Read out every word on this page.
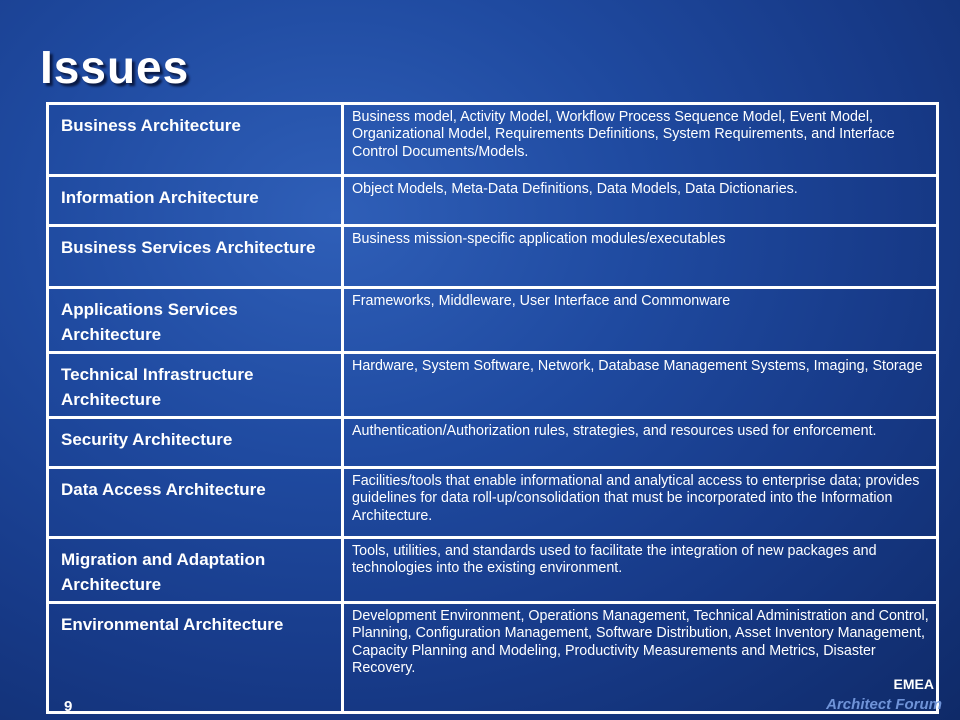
Issues
Business Architecture	Business model, Activity Model, Workflow Process Sequence Model, Event Model, Organizational Model, Requirements Definitions, System Requirements, and Interface Control Documents/Models.
Information Architecture	Object Models, Meta-Data Definitions, Data Models, Data Dictionaries.
Business Services Architecture	Business mission-specific application modules/executables
Applications Services Architecture	Frameworks, Middleware, User Interface and Commonware
Technical Infrastructure Architecture	Hardware, System Software, Network, Database Management Systems, Imaging, Storage
Security Architecture	Authentication/Authorization rules, strategies, and resources used for enforcement.
Data Access Architecture	Facilities/tools that enable informational and analytical access to enterprise data; provides guidelines for data roll-up/consolidation that must be incorporated into the Information Architecture.
Migration and Adaptation Architecture	Tools, utilities, and standards used to facilitate the integration of new packages and technologies into the existing environment.
Environmental Architecture	Development Environment, Operations Management, Technical Administration and Control, Planning, Configuration Management, Software Distribution, Asset Inventory Management, Capacity Planning and Modeling, Productivity Measurements and Metrics, Disaster Recovery.
9
EMEA
Architect Forum
